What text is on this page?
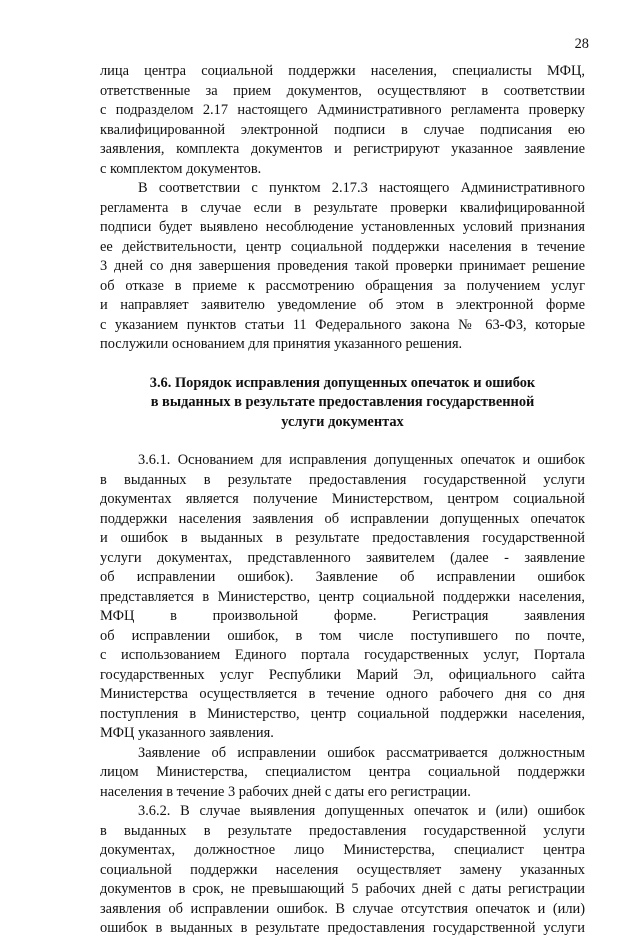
28
лица центра социальной поддержки населения, специалисты МФЦ,
ответственные за прием документов, осуществляют в соответствии
с подразделом 2.17 настоящего Административного регламента проверку
квалифицированной электронной подписи в случае подписания ею
заявления, комплекта документов и регистрируют указанное заявление
с комплектом документов.
В соответствии с пунктом 2.17.3 настоящего Административного
регламента в случае если в результате проверки квалифицированной
подписи будет выявлено несоблюдение установленных условий признания
ее действительности, центр социальной поддержки населения в течение
3 дней со дня завершения проведения такой проверки принимает решение
об отказе в приеме к рассмотрению обращения за получением услуг
и направляет заявителю уведомление об этом в электронной форме
с указанием пунктов статьи 11 Федерального закона № 63-ФЗ, которые
послужили основанием для принятия указанного решения.
3.6. Порядок исправления допущенных опечаток и ошибок
в выданных в результате предоставления государственной
услуги документах
3.6.1. Основанием для исправления допущенных опечаток и ошибок
в выданных в результате предоставления государственной услуги
документах является получение Министерством, центром социальной
поддержки населения заявления об исправлении допущенных опечаток
и ошибок в выданных в результате предоставления государственной
услуги документах, представленного заявителем (далее - заявление
об исправлении ошибок). Заявление об исправлении ошибок
представляется в Министерство, центр социальной поддержки населения,
МФЦ в произвольной форме. Регистрация заявления
об исправлении ошибок, в том числе поступившего по почте,
с использованием Единого портала государственных услуг, Портала
государственных услуг Республики Марий Эл, официального сайта
Министерства осуществляется в течение одного рабочего дня со дня
поступления в Министерство, центр социальной поддержки населения,
МФЦ указанного заявления.
Заявление об исправлении ошибок рассматривается должностным
лицом Министерства, специалистом центра социальной поддержки
населения в течение 3 рабочих дней с даты его регистрации.
3.6.2. В случае выявления допущенных опечаток и (или) ошибок
в выданных в результате предоставления государственной услуги
документах, должностное лицо Министерства, специалист центра
социальной поддержки населения осуществляет замену указанных
документов в срок, не превышающий 5 рабочих дней с даты регистрации
заявления об исправлении ошибок. В случае отсутствия опечаток и (или)
ошибок в выданных в результате предоставления государственной услуги
